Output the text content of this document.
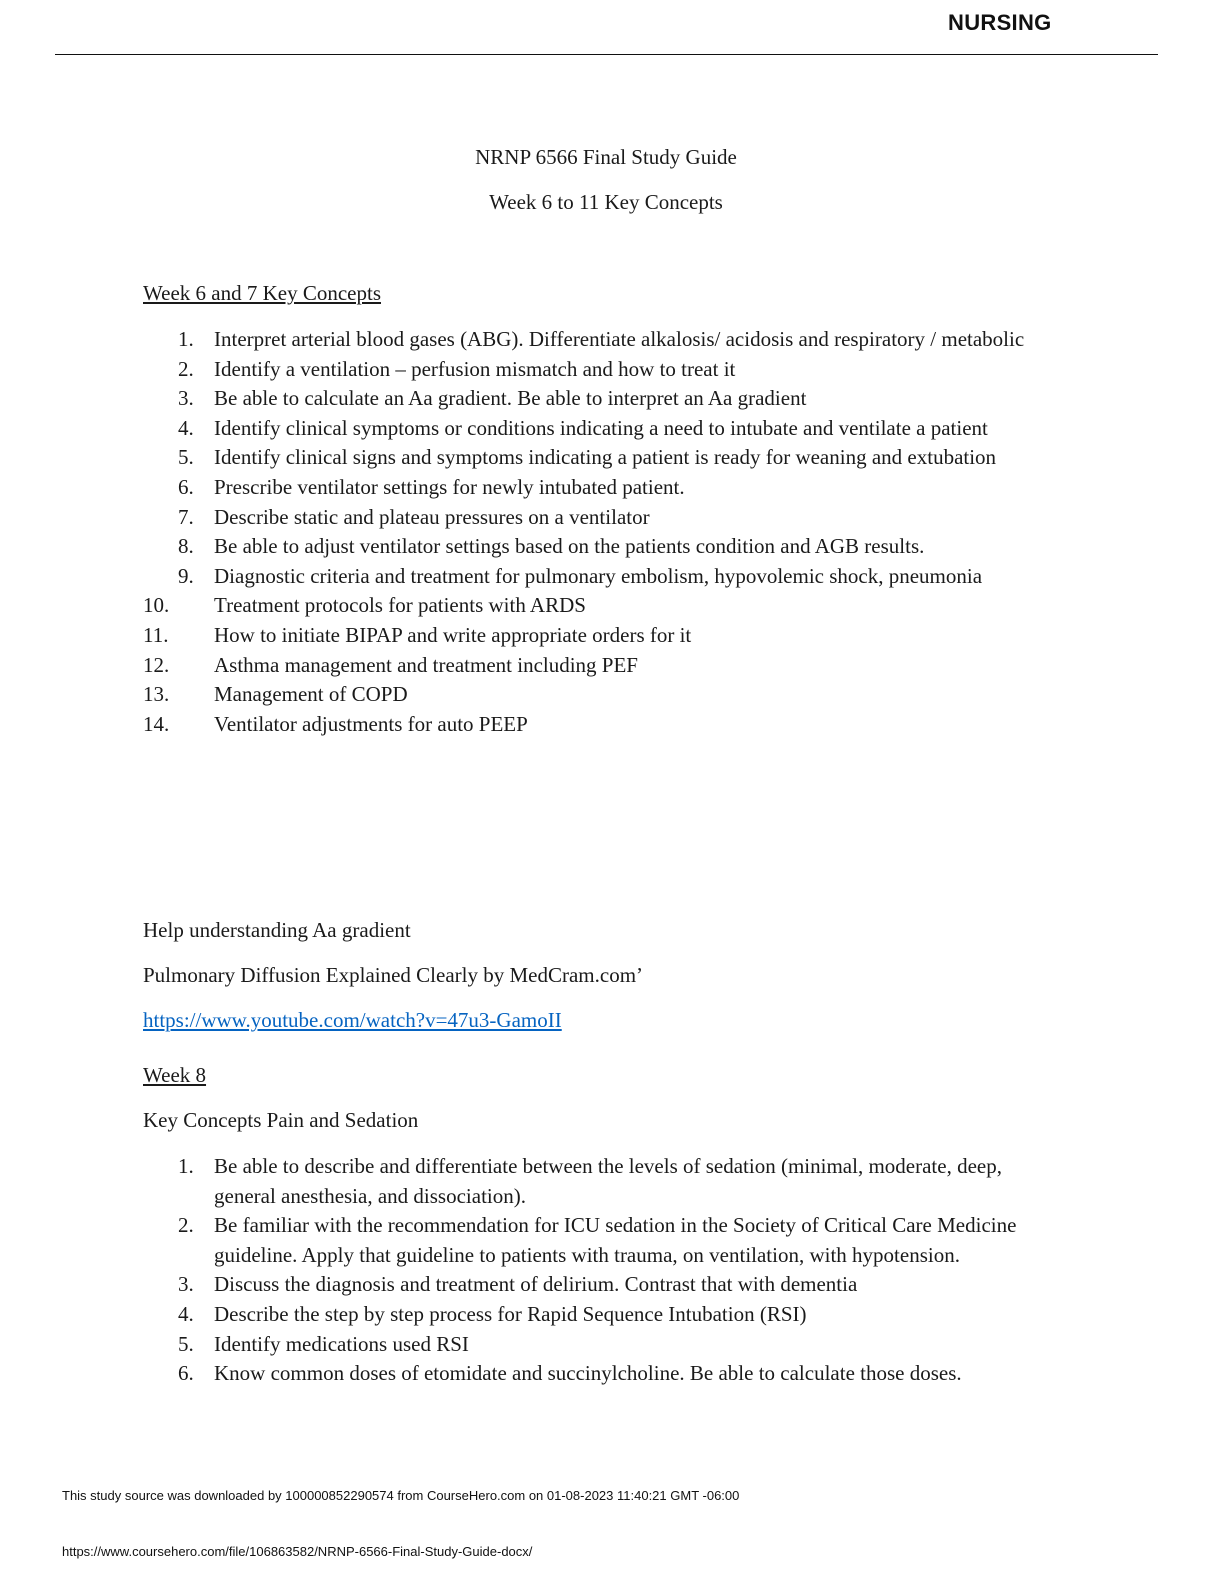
NURSING
NRNP 6566 Final Study Guide
Week 6 to 11 Key Concepts
Week 6 and 7 Key Concepts
1. Interpret arterial blood gases (ABG). Differentiate alkalosis/ acidosis and respiratory / metabolic
2. Identify a ventilation – perfusion mismatch and how to treat it
3. Be able to calculate an Aa gradient. Be able to interpret an Aa gradient
4. Identify clinical symptoms or conditions indicating a need to intubate and ventilate a patient
5. Identify clinical signs and symptoms indicating a patient is ready for weaning and extubation
6. Prescribe ventilator settings for newly intubated patient.
7. Describe static and plateau pressures on a ventilator
8. Be able to adjust ventilator settings based on the patients condition and AGB results.
9. Diagnostic criteria and treatment for pulmonary embolism, hypovolemic shock, pneumonia
10. Treatment protocols for patients with ARDS
11. How to initiate BIPAP and write appropriate orders for it
12. Asthma management and treatment including PEF
13. Management of COPD
14. Ventilator adjustments for auto PEEP
Help understanding Aa gradient
Pulmonary Diffusion Explained Clearly by MedCram.com’
https://www.youtube.com/watch?v=47u3-GamoII
Week 8
Key Concepts Pain and Sedation
1. Be able to describe and differentiate between the levels of sedation (minimal, moderate, deep, general anesthesia, and dissociation).
2. Be familiar with the recommendation for ICU sedation in the Society of Critical Care Medicine guideline. Apply that guideline to patients with trauma, on ventilation, with hypotension.
3. Discuss the diagnosis and treatment of delirium. Contrast that with dementia
4. Describe the step by step process for Rapid Sequence Intubation (RSI)
5. Identify medications used RSI
6. Know common doses of etomidate and succinylcholine. Be able to calculate those doses.
This study source was downloaded by 100000852290574 from CourseHero.com on 01-08-2023 11:40:21 GMT -06:00
https://www.coursehero.com/file/106863582/NRNP-6566-Final-Study-Guide-docx/
